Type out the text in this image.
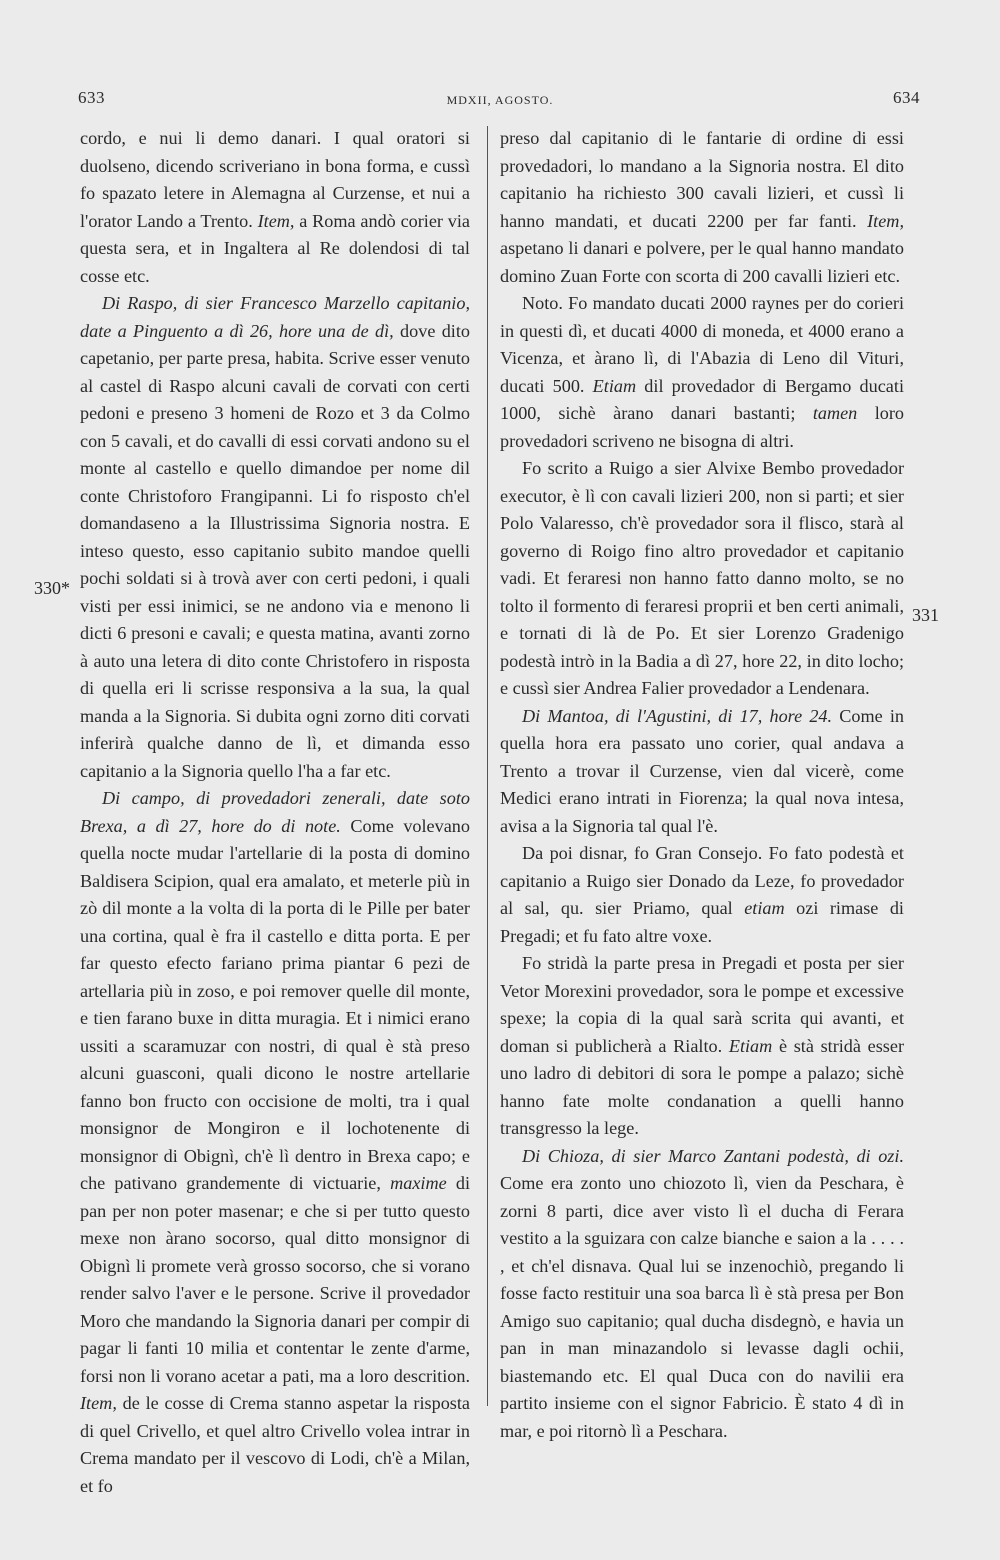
633	MDXII, AGOSTO.	634
330*
331

cordo, e nui li demo danari. I qual oratori si duolseno, dicendo scriveriano in bona forma, e cussì fo spazato letere in Alemagna al Curzense, et nui a l'orator Lando a Trento. Item, a Roma andò corier via questa sera, et in Ingaltera al Re dolendosi di tal cosse etc.

Di Raspo, di sier Francesco Marzello capitanio, date a Pinguento a dì 26, hore una de dì, dove dito capetanio, per parte presa, habita. Scrive esser venuto al castel di Raspo alcuni cavali de corvati con certi pedoni e preseno 3 homeni de Rozo et 3 da Colmo con 5 cavali, et do cavalli di essi corvati andono su el monte al castello e quello dimandoe per nome dil conte Christoforo Frangipanni. Li fo risposto ch'el domandaseno a la Illustrissima Signoria nostra. E inteso questo, esso capitanio subito mandoe quelli pochi soldati si à trovà aver con certi pedoni, i quali visti per essi inimici, se ne andono via e menono li dicti 6 presoni e cavali; e questa matina, avanti zorno à auto una letera di dito conte Christofero in risposta di quella eri li scrisse responsiva a la sua, la qual manda a la Signoria. Si dubita ogni zorno diti corvati inferirà qualche danno de lì, et dimanda esso capitanio a la Signoria quello l'ha a far etc.

Di campo, di provedadori zenerali, date soto Brexa, a dì 27, hore do di note. Come volevano quella nocte mudar l'artellarie di la posta di domino Baldisera Scipion, qual era amalato, et meterle più in zò dil monte a la volta di la porta di le Pille per bater una cortina, qual è fra il castello e ditta porta. E per far questo efecto fariano prima piantar 6 pezi de artellaria più in zoso, e poi remover quelle dil monte, e tien farano buxe in ditta muragia. Et i nimici erano ussiti a scaramuzar con nostri, di qual è stà preso alcuni guasconi, quali dicono le nostre artellarie fanno bon fructo con occisione de molti, tra i qual monsignor de Mongiron e il lochotenente di monsignor di Obignì, ch'è lì dentro in Brexa capo; e che pativano grandemente di victuarie, maxime di pan per non poter masenar; e che si per tutto questo mexe non àrano socorso, qual ditto monsignor di Obignì li promete verà grosso socorso, che si vorano render salvo l'aver e le persone. Scrive il provedador Moro che mandando la Signoria danari per compir di pagar li fanti 10 milia et contentar le zente d'arme, forsi non li vorano acetar a pati, ma a loro descrition. Item, de le cosse di Crema stanno aspetar la risposta di quel Crivello, et quel altro Crivello volea intrar in Crema mandato per il vescovo di Lodi, ch'è a Milan, et fo

preso dal capitanio di le fantarie di ordine di essi provedadori, lo mandano a la Signoria nostra. El dito capitanio ha richiesto 300 cavali lizieri, et cussì li hanno mandati, et ducati 2200 per far fanti. Item, aspetano li danari e polvere, per le qual hanno mandato domino Zuan Forte con scorta di 200 cavalli lizieri etc.

Noto. Fo mandato ducati 2000 raynes per do corieri in questi dì, et ducati 4000 di moneda, et 4000 erano a Vicenza, et àrano lì, di l'Abazia di Leno dil Vituri, ducati 500. Etiam dil provedador di Bergamo ducati 1000, sichè àrano danari bastanti; tamen loro provedadori scriveno ne bisogna di altri.

Fo scrito a Ruigo a sier Alvixe Bembo provedador executor, è lì con cavali lizieri 200, non si parti; et sier Polo Valaresso, ch'è provedador sora il flisco, starà al governo di Roigo fino altro provedador et capitanio vadi. Et feraresi non hanno fatto danno molto, se no tolto il formento di feraresi proprii et ben certi animali, e tornati di là de Po. Et sier Lorenzo Gradenigo podestà intrò in la Badia a dì 27, hore 22, in dito locho; e cussì sier Andrea Falier provedador a Lendenara.

Di Mantoa, di l'Agustini, di 17, hore 24. Come in quella hora era passato uno corier, qual andava a Trento a trovar il Curzense, vien dal vicerè, come Medici erano intrati in Fiorenza; la qual nova intesa, avisa a la Signoria tal qual l'è.

Da poi disnar, fo Gran Consejo. Fo fato podestà et capitanio a Ruigo sier Donado da Leze, fo provedador al sal, qu. sier Priamo, qual etiam ozi rimase di Pregadi; et fu fato altre voxe.

Fo stridà la parte presa in Pregadi et posta per sier Vetor Morexini provedador, sora le pompe et excessive spexe; la copia di la qual sarà scrita qui avanti, et doman si publicherà a Rialto. Etiam è stà stridà esser uno ladro di debitori di sora le pompe a palazo; sichè hanno fate molte condanation a quelli hanno transgresso la lege.

Di Chioza, di sier Marco Zantani podestà, di ozi. Come era zonto uno chiozoto lì, vien da Peschara, è zorni 8 parti, dice aver visto lì el ducha di Ferara vestito a la sguizara con calze bianche e saion a la . . . . , et ch'el disnava. Qual lui se inzenochiò, pregando li fosse facto restituir una soa barca lì è stà presa per Bon Amigo suo capitanio; qual ducha disdegnò, e havia un pan in man minazandolo si levasse dagli ochii, biastemando etc. El qual Duca con do navilii era partito insieme con el signor Fabricio. È stato 4 dì in mar, e poi ritornò lì a Peschara.
